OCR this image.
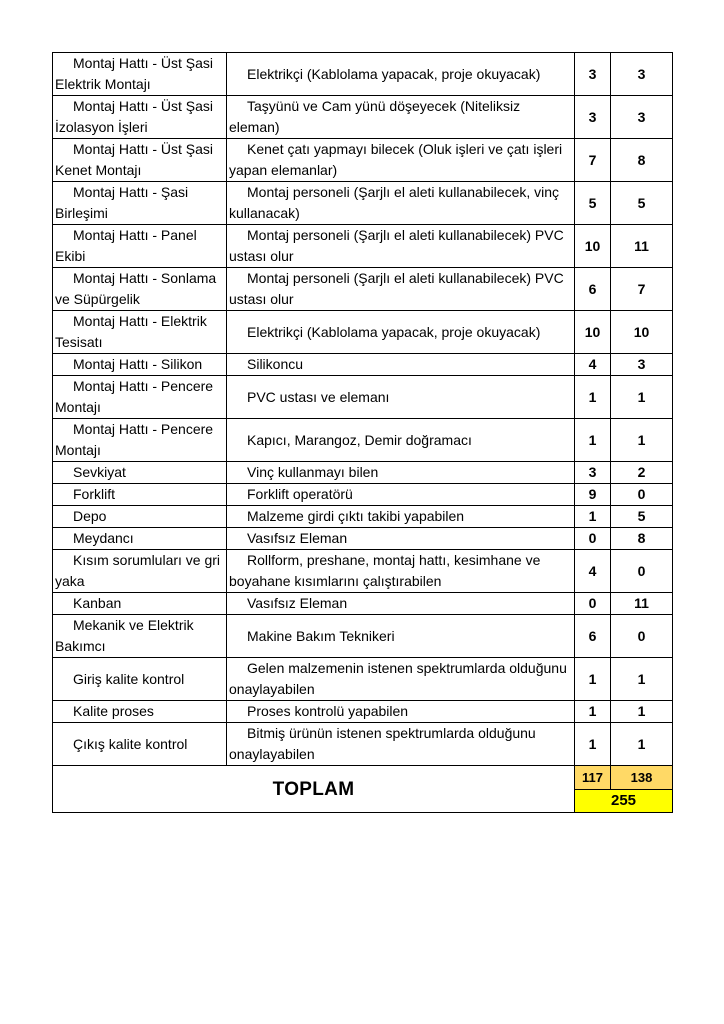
Montaj Hattı - Üst Şasi Elektrik Montajı	Elektrikçi (Kablolama yapacak, proje okuyacak)	3	3
Montaj Hattı - Üst Şasi İzolasyon İşleri	Taşyünü ve Cam yünü döşeyecek (Niteliksiz eleman)	3	3
Montaj Hattı - Üst Şasi Kenet Montajı	Kenet çatı yapmayı bilecek (Oluk işleri ve çatı işleri yapan elemanlar)	7	8
Montaj Hattı - Şasi Birleşimi	Montaj personeli (Şarjlı el aleti kullanabilecek, vinç kullanacak)	5	5
Montaj Hattı - Panel Ekibi	Montaj personeli (Şarjlı el aleti kullanabilecek) PVC ustası olur	10	11
Montaj Hattı - Sonlama ve Süpürgelik	Montaj personeli (Şarjlı el aleti kullanabilecek) PVC ustası olur	6	7
Montaj Hattı - Elektrik Tesisatı	Elektrikçi (Kablolama yapacak, proje okuyacak)	10	10
Montaj Hattı - Silikon	Silikoncu	4	3
Montaj Hattı - Pencere Montajı	PVC ustası ve elemanı	1	1
Montaj Hattı - Pencere Montajı	Kapıcı, Marangoz, Demir doğramacı	1	1
Sevkiyat	Vinç kullanmayı bilen	3	2
Forklift	Forklift operatörü	9	0
Depo	Malzeme girdi çıktı takibi yapabilen	1	5
Meydancı	Vasıfsız Eleman	0	8
Kısım sorumluları ve gri yaka	Rollform, preshane, montaj hattı, kesimhane ve boyahane kısımlarını çalıştırabilen	4	0
Kanban	Vasıfsız Eleman	0	11
Mekanik ve Elektrik Bakımcı	Makine Bakım Teknikeri	6	0
Giriş kalite kontrol	Gelen malzemenin istenen spektrumlarda olduğunu onaylayabilen	1	1
Kalite proses	Proses kontrolü yapabilen	1	1
Çıkış kalite kontrol	Bitmiş ürünün istenen spektrumlarda olduğunu onaylayabilen	1	1
TOPLAM		117	138
		255	
